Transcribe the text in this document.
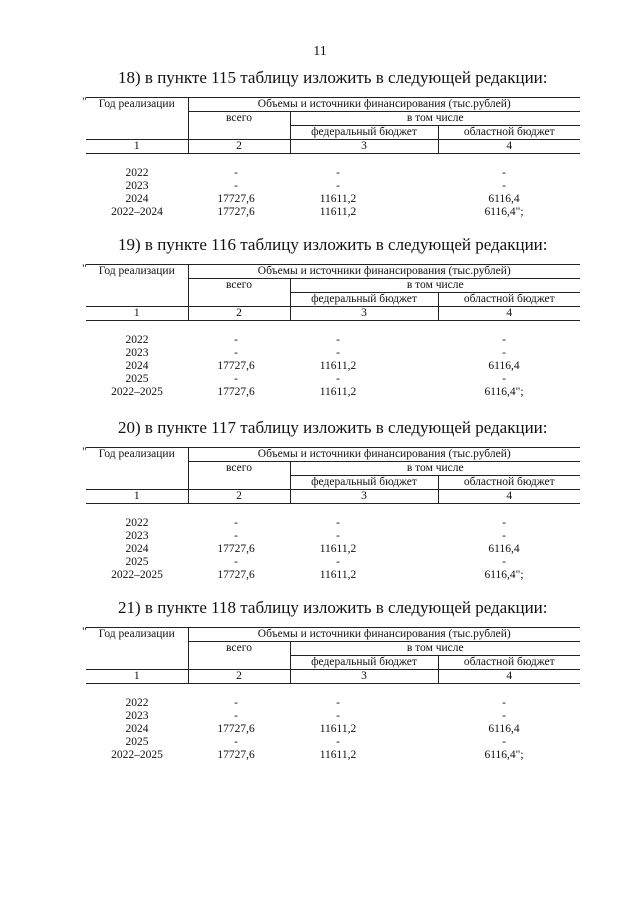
11
18) в пункте 115 таблицу изложить в следующей редакции:
" Год реализации	Объемы и источники финансирования (тыс.рублей)		
	всего	в том числе	
		федеральный бюджет	областной бюджет
1	2	3	4

2022	-	-	-
2023	-	-	-
2024	17727,6	11611,2	6116,4
2022–2024	17727,6	11611,2	6116,4";
19) в пункте 116 таблицу изложить в следующей редакции:
" Год реализации	Объемы и источники финансирования (тыс.рублей)		
	всего	в том числе	
		федеральный бюджет	областной бюджет
1	2	3	4

2022	-	-	-
2023	-	-	-
2024	17727,6	11611,2	6116,4
2025	-	-	-
2022–2025	17727,6	11611,2	6116,4";
20) в пункте 117 таблицу изложить в следующей редакции:
" Год реализации	Объемы и источники финансирования (тыс.рублей)		
	всего	в том числе	
		федеральный бюджет	областной бюджет
1	2	3	4

2022	-	-	-
2023	-	-	-
2024	17727,6	11611,2	6116,4
2025	-	-	-
2022–2025	17727,6	11611,2	6116,4";
21) в пункте 118 таблицу изложить в следующей редакции:
" Год реализации	Объемы и источники финансирования (тыс.рублей)		
	всего	в том числе	
		федеральный бюджет	областной бюджет
1	2	3	4

2022	-	-	-
2023	-	-	-
2024	17727,6	11611,2	6116,4
2025	-	-	-
2022–2025	17727,6	11611,2	6116,4";
